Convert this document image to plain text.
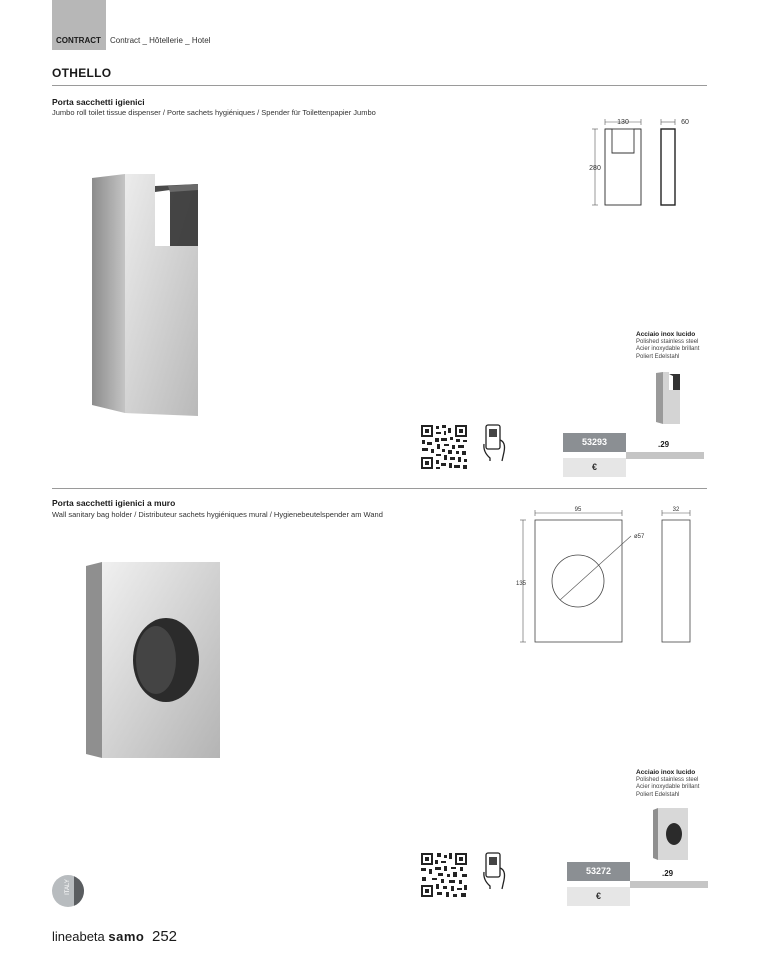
CONTRACT Contract _ Hôtellerie _ Hotel
OTHELLO
Porta sacchetti igienici
Jumbo roll toilet tissue dispenser / Porte sachets hygiéniques / Spender für Toilettenpapier Jumbo
130	60
280
Acciaio inox lucido
Polished stainless steel
Acier inoxydable brillant
Poliert Edelstahl
53293	.29
€
Porta sacchetti igienici a muro
Wall sanitary bag holder / Distributeur sachets hygiéniques mural / Hygienebeutelspender am Wand	95	32
135
ø57
Acciaio inox lucido
Polished stainless steel
Acier inoxydable brillant
Poliert Edelstahl
53272	.29
€
ITALY
lineabeta samo 252
